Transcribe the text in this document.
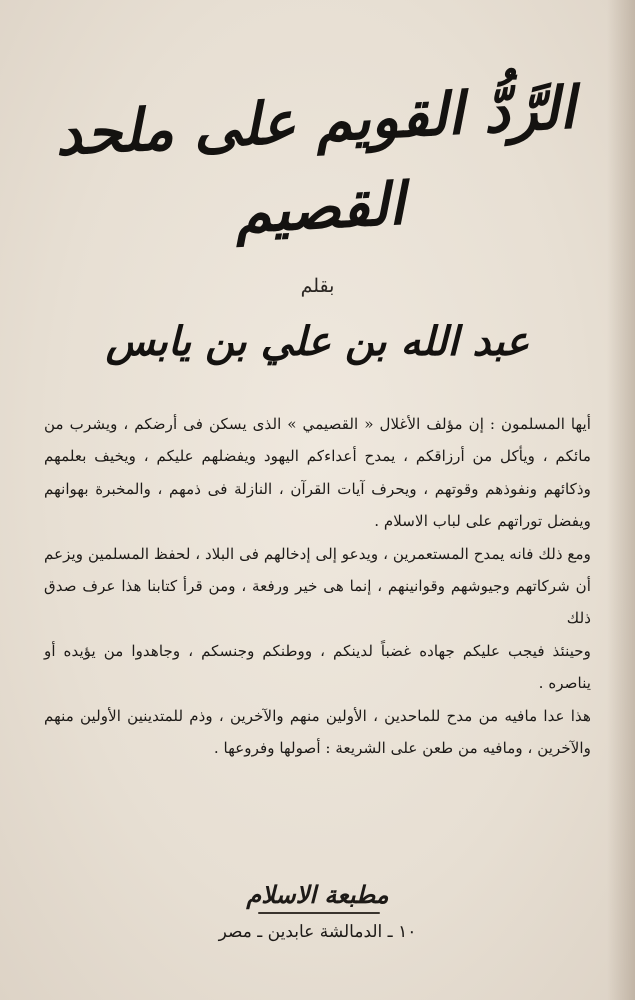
الرَّدُّ القويم على ملحد القصيم
بقلم
عبد الله بن علي بن يابس

أيها المسلمون : إن مؤلف الأغلال « القصيمي » الذى يسكن فى أرضكم ، ويشرب من مائكم ، ويأكل من أرزاقكم ، يمدح أعداءكم اليهود ويفضلهم عليكم ، ويخيف بعلمهم وذكائهم ونفوذهم وقوتهم ، ويحرف آيات القرآن ، النازلة فى ذمهم ، والمخبرة بهوانهم ويفضل توراتهم على لباب الاسلام .

ومع ذلك فانه يمدح المستعمرين ، ويدعو إلى إدخالهم فى البلاد ، لحفظ المسلمين ويزعم أن شركاتهم وجيوشهم وقوانينهم ، إنما هى خير ورفعة ، ومن قرأ كتابنا هذا عرف صدق ذلك

وحينئذ فيجب عليكم جهاده غضباً لدينكم ، ووطنكم وجنسكم ، وجاهدوا من يؤيده أو يناصره .

هذا عدا مافيه من مدح للماحدين ، الأولين منهم والآخرين ، وذم للمتدينين الأولين منهم والآخرين ، ومافيه من طعن على الشريعة : أصولها وفروعها .

مطبعة الاسلام
١٠ ـ الدمالشة عابدين ـ مصر
